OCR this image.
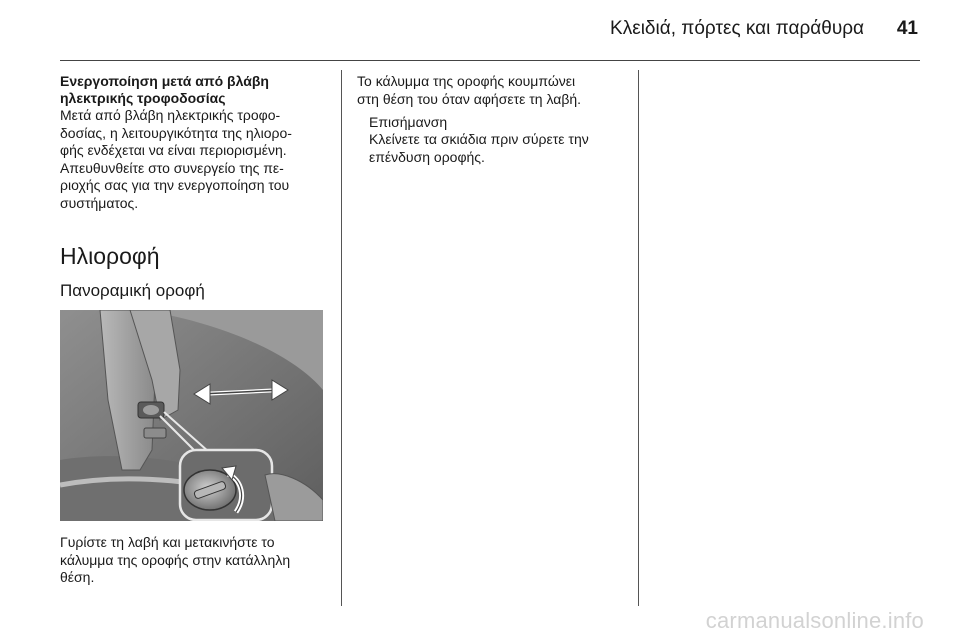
Κλειδιά, πόρτες και παράθυρα 41

Ενεργοποίηση μετά από βλάβη
ηλεκτρικής τροφοδοσίας

Μετά από βλάβη ηλεκτρικής τροφο‐
δοσίας, η λειτουργικότητα της ηλιορο‐
φής ενδέχεται να είναι περιορισμένη.
Απευθυνθείτε στο συνεργείο της πε‐
ριοχής σας για την ενεργοποίηση του
συστήματος.

Ηλιοροφή
Πανοραμική οροφή

Γυρίστε τη λαβή και μετακινήστε το
κάλυμμα της οροφής στην κατάλληλη
θέση.

Το κάλυμμα της οροφής κουμπώνει
στη θέση του όταν αφήσετε τη λαβή.

Επισήμανση

Κλείνετε τα σκιάδια πριν σύρετε την
επένδυση οροφής.

carmanualsonline.info
